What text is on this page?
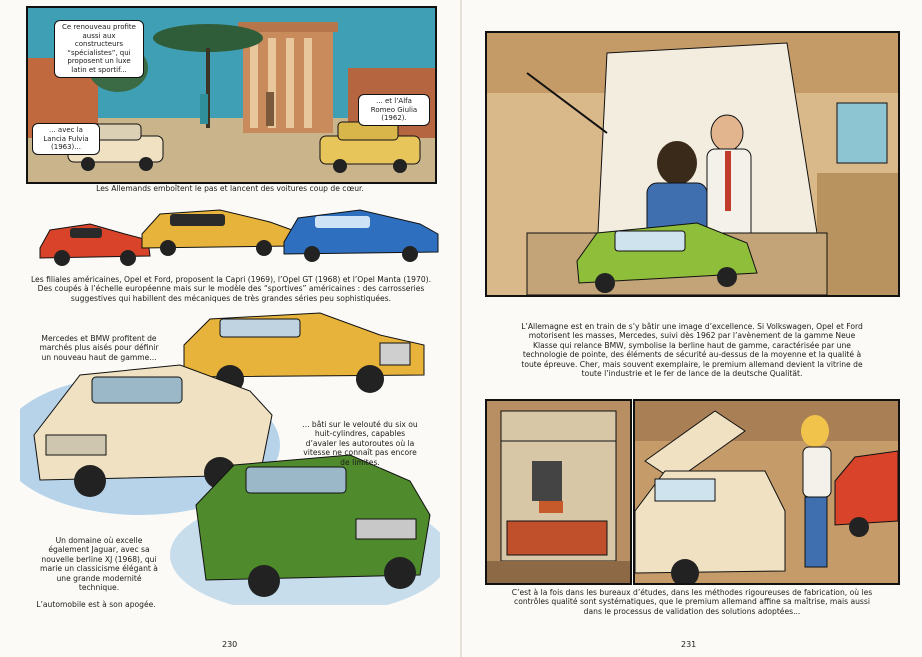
Ce renouveau profite aussi aux constructeurs “spécialistes”, qui proposent un luxe latin et sportif...
... avec la Lancia Fulvia (1963)...
... et l’Alfa Romeo Giulia (1962).
Les Allemands emboîtent le pas et lancent des voitures coup de cœur.
Les filiales américaines, Opel et Ford, proposent la Capri (1969), l’Opel GT (1968) et l’Opel Manta (1970). Des coupés à l’échelle européenne mais sur le modèle des “sportives” américaines : des carrosseries suggestives qui habillent des mécaniques de très grandes séries peu sophistiquées.
Mercedes et BMW profitent de marchés plus aisés pour définir un nouveau haut de gamme...
... bâti sur le velouté du six ou huit-cylindres, capables d’avaler les autoroutes où la vitesse ne connaît pas encore de limites.
Un domaine où excelle également Jaguar, avec sa nouvelle berline XJ (1968), qui marie un classicisme élégant à une grande modernité technique.
L’automobile est à son apogée.
230
L’Allemagne est en train de s’y bâtir une image d’excellence. Si Volkswagen, Opel et Ford motorisent les masses, Mercedes, suivi dès 1962 par l’avènement de la gamme Neue Klasse qui relance BMW, symbolise la berline haut de gamme, caractérisée par une technologie de pointe, des éléments de sécurité au-dessus de la moyenne et la qualité à toute épreuve. Cher, mais souvent exemplaire, le premium allemand devient la vitrine de toute l’industrie et le fer de lance de la deutsche Qualität.
C’est à la fois dans les bureaux d’études, dans les méthodes rigoureuses de fabrication, où les contrôles qualité sont systématiques, que le premium allemand affine sa maîtrise, mais aussi dans le processus de validation des solutions adoptées...
231
